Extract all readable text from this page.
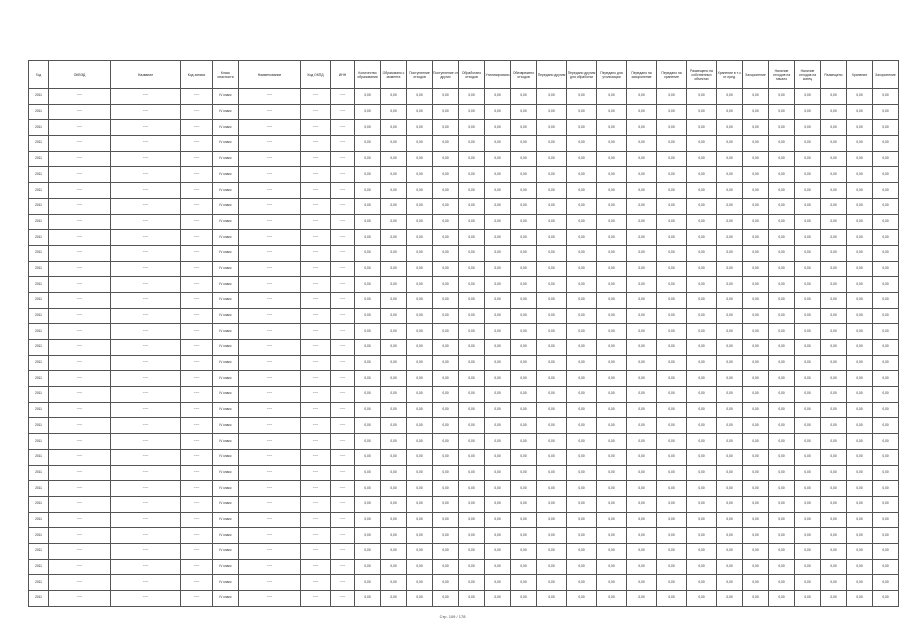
Год	ОКВЭД	Название	Код записи	Класс опасности	Наименование	Код ОКПД	ИНН	Количество образования	Образовано с момента	Поступление отходов	Поступление от других	Обработано отходов	Утилизировано	Обезврежено отходов	Передано другим	Передано другим для обработки	Передано для утилизации	Передано на захоронение	Передано на хранение	Размещено на собственных объектах	Хранение в т.ч. от пред.	Захоронение	Наличие отходов на начало	Наличие отходов на конец	Размещено	Хранение	Захоронение
2011	~~~	~~~	~~~	IV класс	~~~	~~~	~~~	0,00	0,00	0,00	0,00	0,00	0,00	0,00	0,00	0,00	0,00	0,00	0,00	0,00	0,00	0,00	0,00	0,00	0,00	0,00	0,00
2011	~~~	~~~	~~~	IV класс	~~~	~~~	~~~	0,00	0,00	0,00	0,00	0,00	0,00	0,00	0,00	0,00	0,00	0,00	0,00	0,00	0,00	0,00	0,00	0,00	0,00	0,00	0,00
2011	~~~	~~~	~~~	IV класс	~~~	~~~	~~~	0,00	0,00	0,00	0,00	0,00	0,00	0,00	0,00	0,00	0,00	0,00	0,00	0,00	0,00	0,00	0,00	0,00	0,00	0,00	0,00
2011	~~~	~~~	~~~	IV класс	~~~	~~~	~~~	0,00	0,00	0,00	0,00	0,00	0,00	0,00	0,00	0,00	0,00	0,00	0,00	0,00	0,00	0,00	0,00	0,00	0,00	0,00	0,00
2011	~~~	~~~	~~~	IV класс	~~~	~~~	~~~	0,00	0,00	0,00	0,00	0,00	0,00	0,00	0,00	0,00	0,00	0,00	0,00	0,00	0,00	0,00	0,00	0,00	0,00	0,00	0,00
2011	~~~	~~~	~~~	IV класс	~~~	~~~	~~~	0,00	0,00	0,00	0,00	0,00	0,00	0,00	0,00	0,00	0,00	0,00	0,00	0,00	0,00	0,00	0,00	0,00	0,00	0,00	0,00
2011	~~~	~~~	~~~	IV класс	~~~	~~~	~~~	0,00	0,00	0,00	0,00	0,00	0,00	0,00	0,00	0,00	0,00	0,00	0,00	0,00	0,00	0,00	0,00	0,00	0,00	0,00	0,00
2011	~~~	~~~	~~~	IV класс	~~~	~~~	~~~	0,00	0,00	0,00	0,00	0,00	0,00	0,00	0,00	0,00	0,00	0,00	0,00	0,00	0,00	0,00	0,00	0,00	0,00	0,00	0,00
2011	~~~	~~~	~~~	IV класс	~~~	~~~	~~~	0,00	0,00	0,00	0,00	0,00	0,00	0,00	0,00	0,00	0,00	0,00	0,00	0,00	0,00	0,00	0,00	0,00	0,00	0,00	0,00
2011	~~~	~~~	~~~	IV класс	~~~	~~~	~~~	0,00	0,00	0,00	0,00	0,00	0,00	0,00	0,00	0,00	0,00	0,00	0,00	0,00	0,00	0,00	0,00	0,00	0,00	0,00	0,00
2011	~~~	~~~	~~~	IV класс	~~~	~~~	~~~	0,00	0,00	0,00	0,00	0,00	0,00	0,00	0,00	0,00	0,00	0,00	0,00	0,00	0,00	0,00	0,00	0,00	0,00	0,00	0,00
2011	~~~	~~~	~~~	IV класс	~~~	~~~	~~~	0,00	0,00	0,00	0,00	0,00	0,00	0,00	0,00	0,00	0,00	0,00	0,00	0,00	0,00	0,00	0,00	0,00	0,00	0,00	0,00
2011	~~~	~~~	~~~	IV класс	~~~	~~~	~~~	0,00	0,00	0,00	0,00	0,00	0,00	0,00	0,00	0,00	0,00	0,00	0,00	0,00	0,00	0,00	0,00	0,00	0,00	0,00	0,00
2011	~~~	~~~	~~~	IV класс	~~~	~~~	~~~	0,00	0,00	0,00	0,00	0,00	0,00	0,00	0,00	0,00	0,00	0,00	0,00	0,00	0,00	0,00	0,00	0,00	0,00	0,00	0,00
2011	~~~	~~~	~~~	IV класс	~~~	~~~	~~~	0,00	0,00	0,00	0,00	0,00	0,00	0,00	0,00	0,00	0,00	0,00	0,00	0,00	0,00	0,00	0,00	0,00	0,00	0,00	0,00
2011	~~~	~~~	~~~	IV класс	~~~	~~~	~~~	0,00	0,00	0,00	0,00	0,00	0,00	0,00	0,00	0,00	0,00	0,00	0,00	0,00	0,00	0,00	0,00	0,00	0,00	0,00	0,00
2011	~~~	~~~	~~~	IV класс	~~~	~~~	~~~	0,00	0,00	0,00	0,00	0,00	0,00	0,00	0,00	0,00	0,00	0,00	0,00	0,00	0,00	0,00	0,00	0,00	0,00	0,00	0,00
2011	~~~	~~~	~~~	IV класс	~~~	~~~	~~~	0,00	0,00	0,00	0,00	0,00	0,00	0,00	0,00	0,00	0,00	0,00	0,00	0,00	0,00	0,00	0,00	0,00	0,00	0,00	0,00
2011	~~~	~~~	~~~	IV класс	~~~	~~~	~~~	0,00	0,00	0,00	0,00	0,00	0,00	0,00	0,00	0,00	0,00	0,00	0,00	0,00	0,00	0,00	0,00	0,00	0,00	0,00	0,00
2011	~~~	~~~	~~~	IV класс	~~~	~~~	~~~	0,00	0,00	0,00	0,00	0,00	0,00	0,00	0,00	0,00	0,00	0,00	0,00	0,00	0,00	0,00	0,00	0,00	0,00	0,00	0,00
2011	~~~	~~~	~~~	IV класс	~~~	~~~	~~~	0,00	0,00	0,00	0,00	0,00	0,00	0,00	0,00	0,00	0,00	0,00	0,00	0,00	0,00	0,00	0,00	0,00	0,00	0,00	0,00
2011	~~~	~~~	~~~	IV класс	~~~	~~~	~~~	0,00	0,00	0,00	0,00	0,00	0,00	0,00	0,00	0,00	0,00	0,00	0,00	0,00	0,00	0,00	0,00	0,00	0,00	0,00	0,00
2011	~~~	~~~	~~~	IV класс	~~~	~~~	~~~	0,00	0,00	0,00	0,00	0,00	0,00	0,00	0,00	0,00	0,00	0,00	0,00	0,00	0,00	0,00	0,00	0,00	0,00	0,00	0,00
2011	~~~	~~~	~~~	IV класс	~~~	~~~	~~~	0,00	0,00	0,00	0,00	0,00	0,00	0,00	0,00	0,00	0,00	0,00	0,00	0,00	0,00	0,00	0,00	0,00	0,00	0,00	0,00
2011	~~~	~~~	~~~	IV класс	~~~	~~~	~~~	0,00	0,00	0,00	0,00	0,00	0,00	0,00	0,00	0,00	0,00	0,00	0,00	0,00	0,00	0,00	0,00	0,00	0,00	0,00	0,00
2011	~~~	~~~	~~~	IV класс	~~~	~~~	~~~	0,00	0,00	0,00	0,00	0,00	0,00	0,00	0,00	0,00	0,00	0,00	0,00	0,00	0,00	0,00	0,00	0,00	0,00	0,00	0,00
2011	~~~	~~~	~~~	IV класс	~~~	~~~	~~~	0,00	0,00	0,00	0,00	0,00	0,00	0,00	0,00	0,00	0,00	0,00	0,00	0,00	0,00	0,00	0,00	0,00	0,00	0,00	0,00
2011	~~~	~~~	~~~	IV класс	~~~	~~~	~~~	0,00	0,00	0,00	0,00	0,00	0,00	0,00	0,00	0,00	0,00	0,00	0,00	0,00	0,00	0,00	0,00	0,00	0,00	0,00	0,00
2011	~~~	~~~	~~~	IV класс	~~~	~~~	~~~	0,00	0,00	0,00	0,00	0,00	0,00	0,00	0,00	0,00	0,00	0,00	0,00	0,00	0,00	0,00	0,00	0,00	0,00	0,00	0,00
2011	~~~	~~~	~~~	IV класс	~~~	~~~	~~~	0,00	0,00	0,00	0,00	0,00	0,00	0,00	0,00	0,00	0,00	0,00	0,00	0,00	0,00	0,00	0,00	0,00	0,00	0,00	0,00
2011	~~~	~~~	~~~	IV класс	~~~	~~~	~~~	0,00	0,00	0,00	0,00	0,00	0,00	0,00	0,00	0,00	0,00	0,00	0,00	0,00	0,00	0,00	0,00	0,00	0,00	0,00	0,00
2011	~~~	~~~	~~~	IV класс	~~~	~~~	~~~	0,00	0,00	0,00	0,00	0,00	0,00	0,00	0,00	0,00	0,00	0,00	0,00	0,00	0,00	0,00	0,00	0,00	0,00	0,00	0,00
2011	~~~	~~~	~~~	IV класс	~~~	~~~	~~~	0,00	0,00	0,00	0,00	0,00	0,00	0,00	0,00	0,00	0,00	0,00	0,00	0,00	0,00	0,00	0,00	0,00	0,00	0,00	0,00
Стр. 109 / 178
